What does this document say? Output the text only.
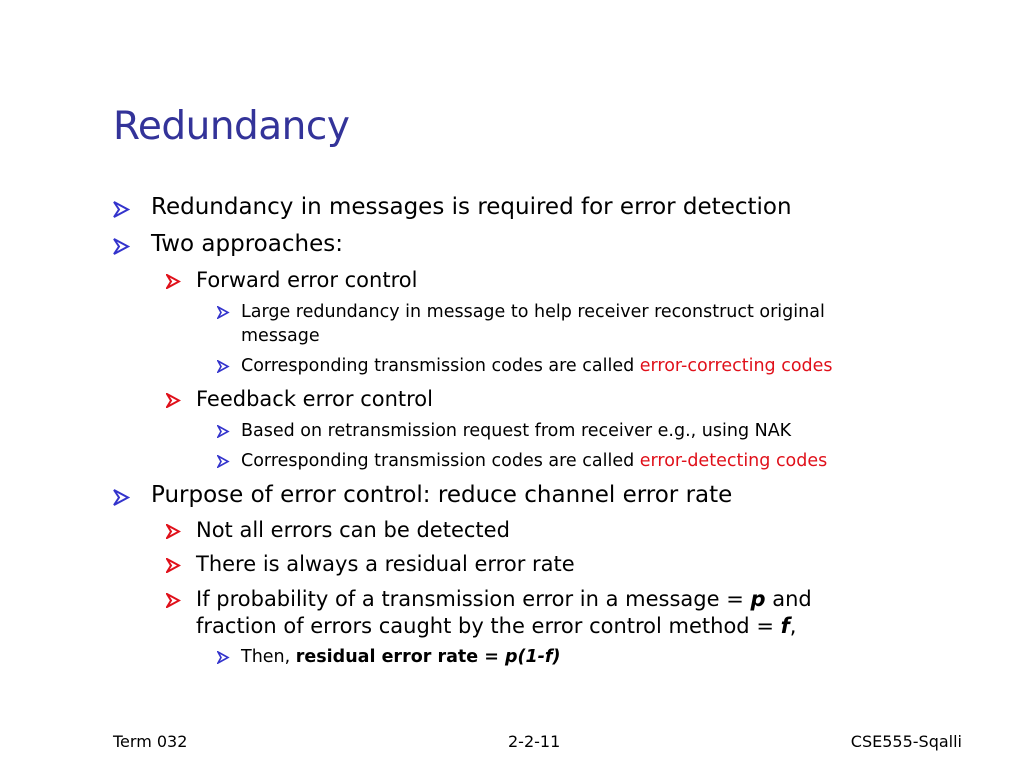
Redundancy
Redundancy in messages is required for error detection
Two approaches:
Forward error control
Large redundancy in message to help receiver reconstruct original
message
Corresponding transmission codes are called error-correcting codes
Feedback error control
Based on retransmission request from receiver e.g., using NAK
Corresponding transmission codes are called error-detecting codes
Purpose of error control: reduce channel error rate
Not all errors can be detected
There is always a residual error rate
If probability of a transmission error in a message = p and
fraction of errors caught by the error control method = f,
Then, residual error rate = p(1-f)
Term 032	2-2-11	CSE555-Sqalli
